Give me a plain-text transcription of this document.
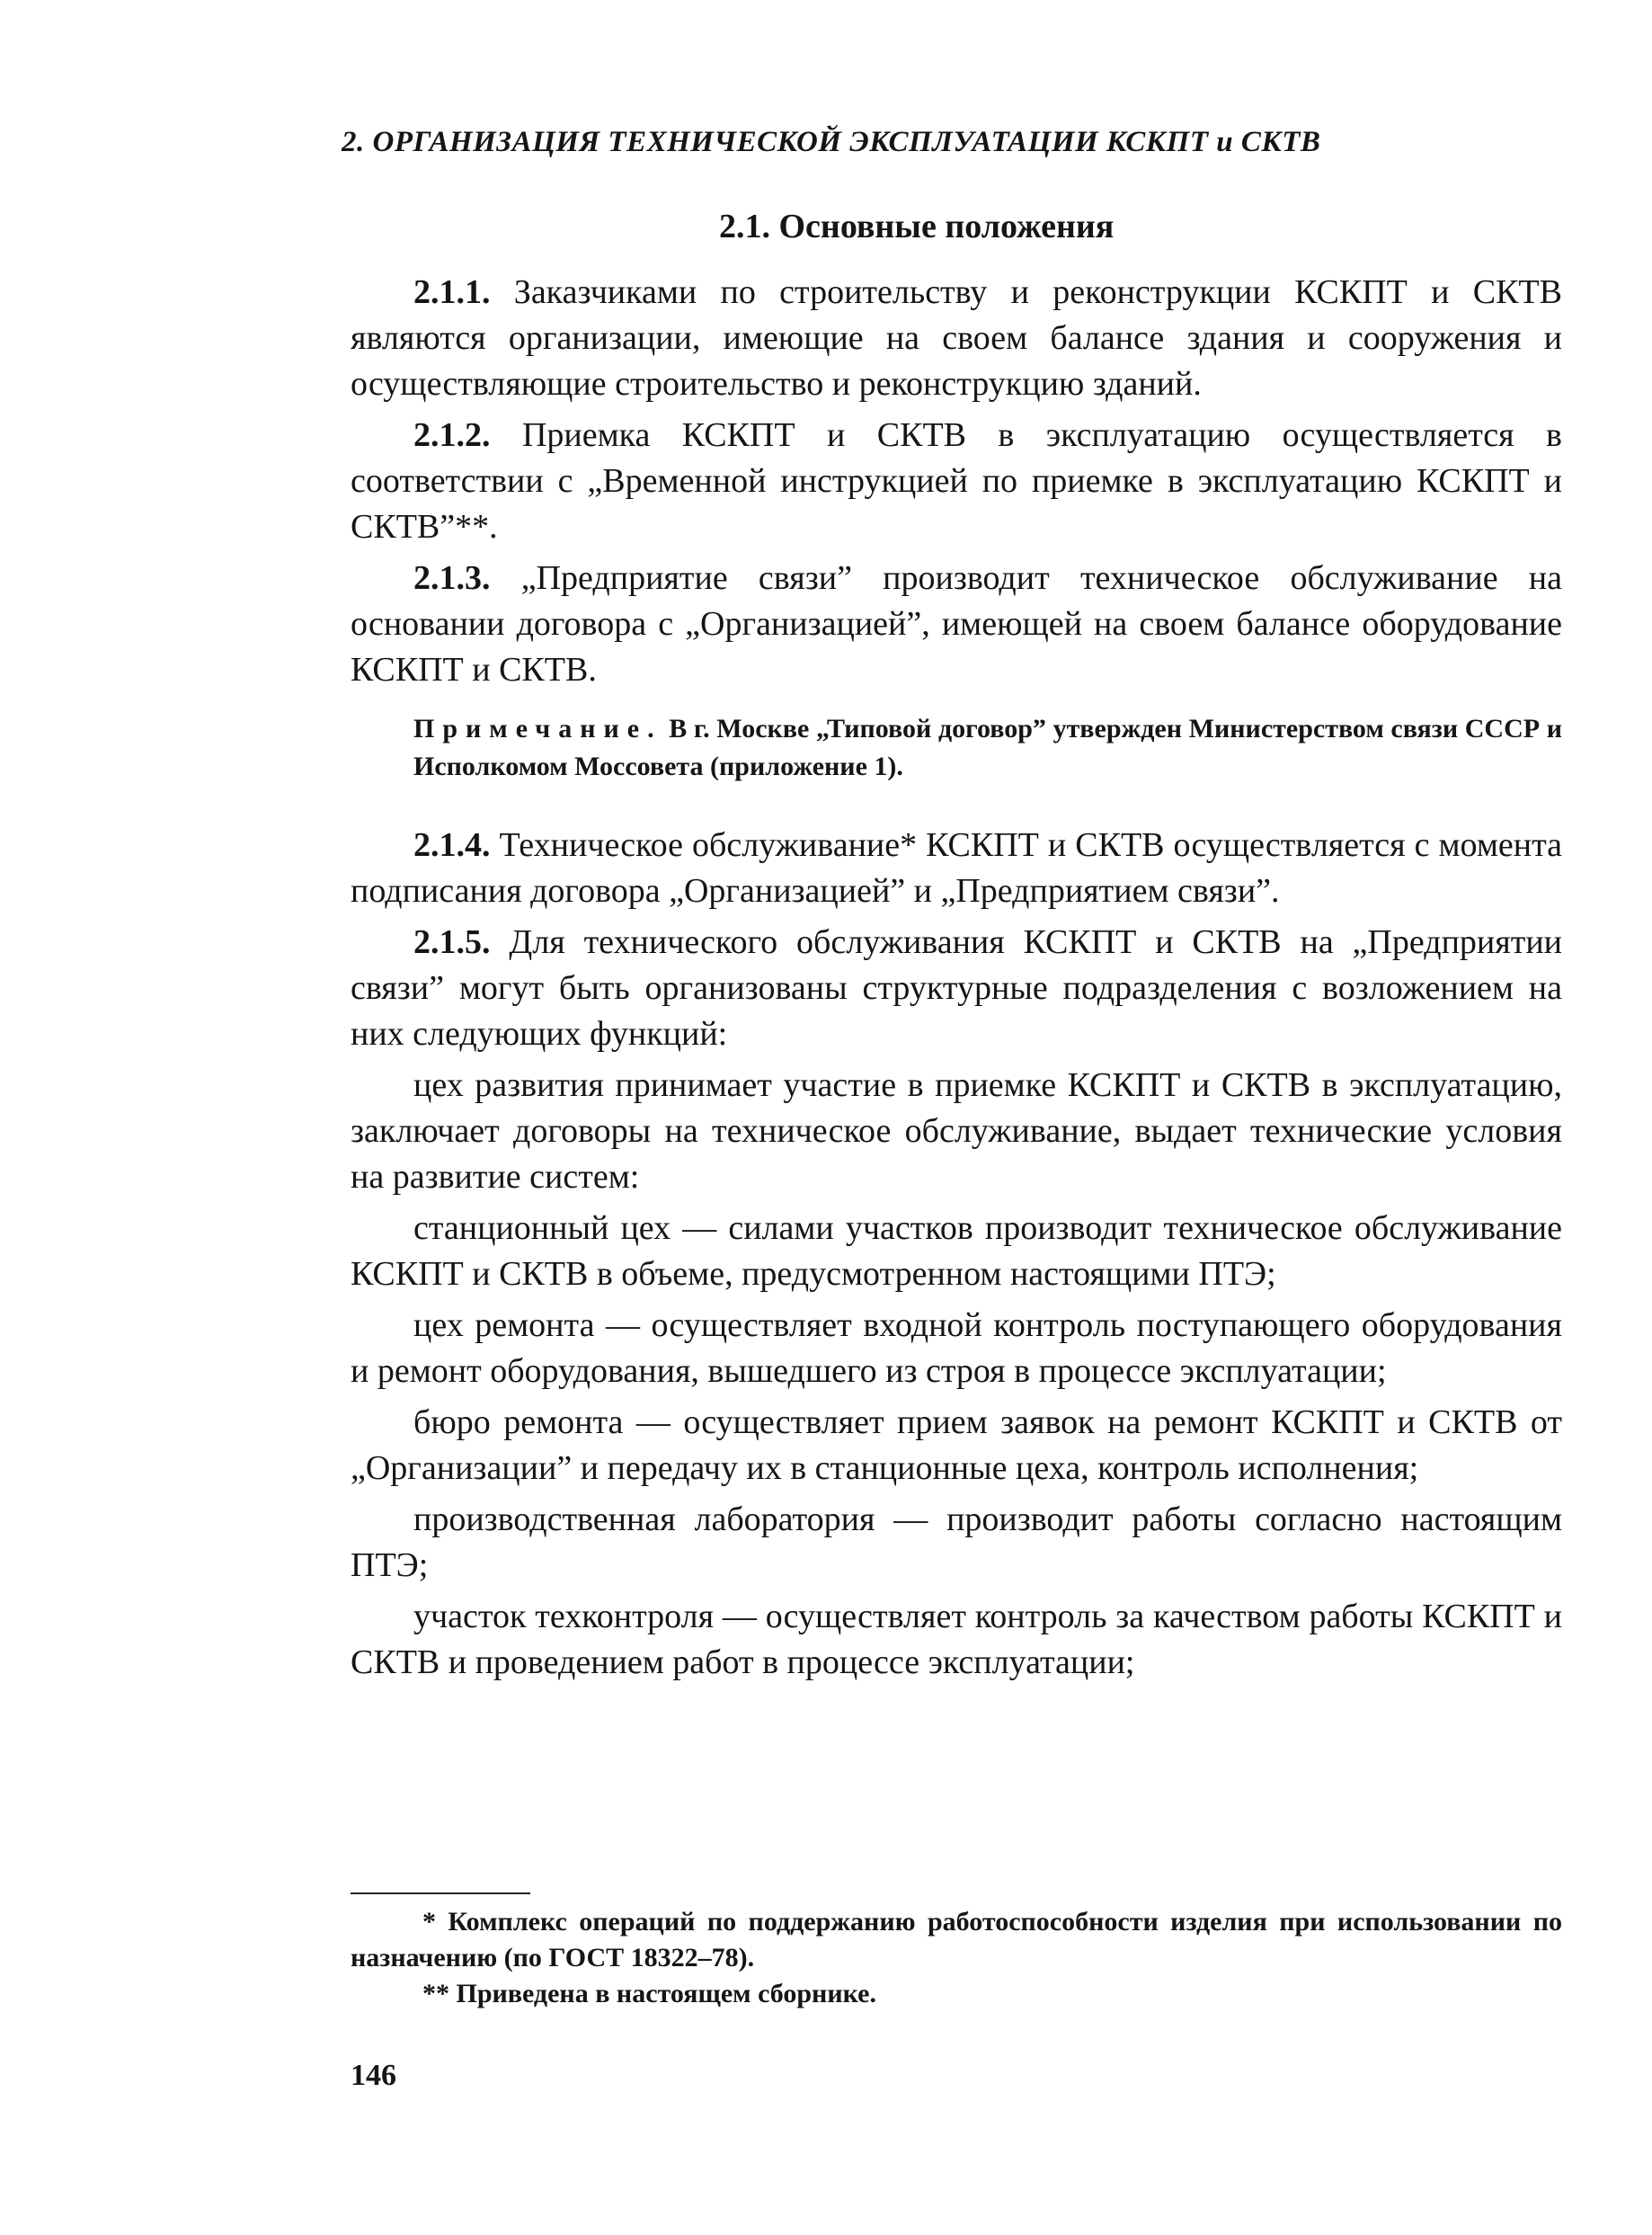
2. ОРГАНИЗАЦИЯ ТЕХНИЧЕСКОЙ ЭКСПЛУАТАЦИИ КСКПТ и СКТВ
2.1. Основные положения

2.1.1. Заказчиками по строительству и реконструкции КСКПТ и СКТВ являются организации, имеющие на своем балансе здания и сооружения и осуществляющие строительство и реконструкцию зданий.

2.1.2. Приемка КСКПТ и СКТВ в эксплуатацию осуществляется в соответствии с „Временной инструкцией по приемке в эксплуатацию КСКПТ и СКТВ”**.

2.1.3. „Предприятие связи” производит техническое обслуживание на основании договора с „Организацией”, имеющей на своем балансе оборудование КСКПТ и СКТВ.

Примечание. В г. Москве „Типовой договор” утвержден Министерством связи СССР и Исполкомом Моссовета (приложение 1).

2.1.4. Техническое обслуживание* КСКПТ и СКТВ осуществляется с момента подписания договора „Организацией” и „Предприятием связи”.

2.1.5. Для технического обслуживания КСКПТ и СКТВ на „Предприятии связи” могут быть организованы структурные подразделения с возложением на них следующих функций:

цех развития принимает участие в приемке КСКПТ и СКТВ в эксплуатацию, заключает договоры на техническое обслуживание, выдает технические условия на развитие систем:

станционный цех — силами участков производит техническое обслуживание КСКПТ и СКТВ в объеме, предусмотренном настоящими ПТЭ;

цех ремонта — осуществляет входной контроль поступающего оборудования и ремонт оборудования, вышедшего из строя в процессе эксплуатации;

бюро ремонта — осуществляет прием заявок на ремонт КСКПТ и СКТВ от „Организации” и передачу их в станционные цеха, контроль исполнения;

производственная лаборатория — производит работы согласно настоящим ПТЭ;

участок техконтроля — осуществляет контроль за качеством работы КСКПТ и СКТВ и проведением работ в процессе эксплуатации;

* Комплекс операций по поддержанию работоспособности изделия при использовании по назначению (по ГОСТ 18322–78).

** Приведена в настоящем сборнике.

146
